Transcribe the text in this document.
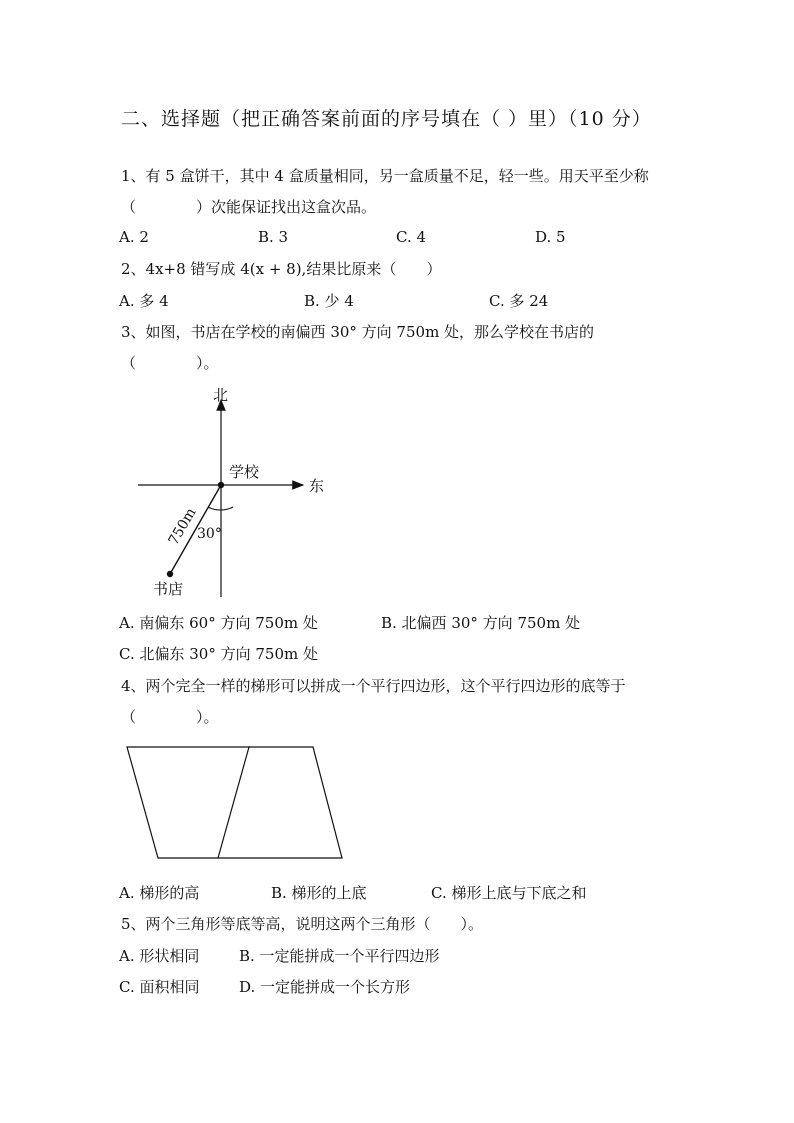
二、选择题（把正确答案前面的序号填在（ ）里）（10 分）
1、有 5 盒饼干，其中 4 盒质量相同，另一盒质量不足，轻一些。用天平至少称
（　　　　）次能保证找出这盒次品。
A. 2	B. 3	C. 4	D. 5
2、4x+8 错写成 4(x + 8),结果比原来（　　）
A. 多 4	B. 少 4	C. 多 24
3、如图，书店在学校的南偏西 30° 方向 750m 处，那么学校在书店的
（　　　　）。
北
东
学校
书店
750m
30°
A. 南偏东 60° 方向 750m 处	B. 北偏西 30° 方向 750m 处
C. 北偏东 30° 方向 750m 处
4、两个完全一样的梯形可以拼成一个平行四边形，这个平行四边形的底等于
（　　　　）。
A. 梯形的高	B. 梯形的上底	C. 梯形上底与下底之和
5、两个三角形等底等高，说明这两个三角形（　　）。
A. 形状相同	B. 一定能拼成一个平行四边形
C. 面积相同	D. 一定能拼成一个长方形
